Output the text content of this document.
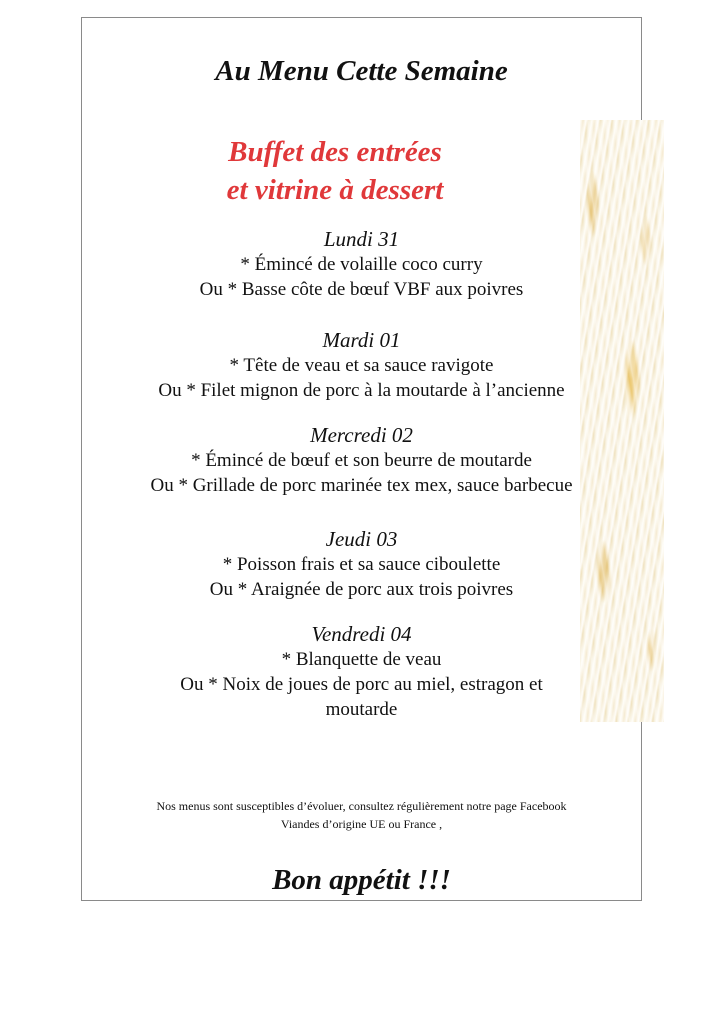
Au Menu Cette Semaine
Buffet des entrées
et vitrine à dessert
Lundi 31
* Émincé de volaille coco curry
Ou * Basse côte de bœuf VBF aux poivres
Mardi 01
* Tête de veau et sa sauce ravigote
Ou * Filet mignon de porc à la moutarde à l’ancienne
Mercredi 02
* Émincé de bœuf et son beurre de moutarde
Ou * Grillade de porc marinée tex mex, sauce barbecue
Jeudi 03
* Poisson frais et sa sauce ciboulette
Ou * Araignée de porc aux trois poivres
Vendredi 04
* Blanquette de veau
Ou * Noix de joues de porc au miel, estragon et
moutarde
Nos menus sont susceptibles d’évoluer, consultez régulièrement notre page Facebook
Viandes d’origine UE ou France ,
Bon appétit !!!
